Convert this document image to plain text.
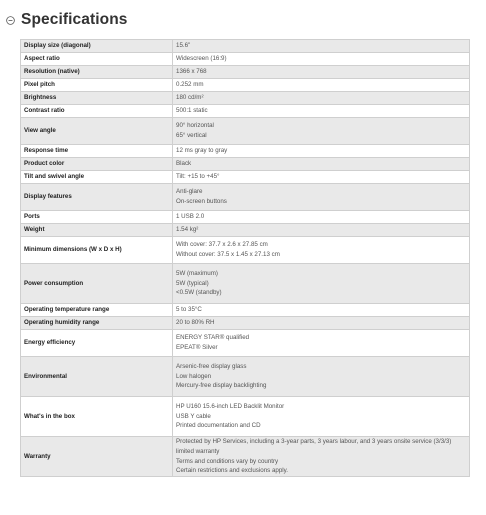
Specifications
Display size (diagonal)	15.6"

Aspect ratio	Widescreen (16:9)

Resolution (native)	1366 x 768

Pixel pitch	0.252 mm

Brightness	180 cd/m²

Contrast ratio	500:1 static

View angle	90° horizontal
65° vertical

Response time	12 ms gray to gray

Product color	Black

Tilt and swivel angle	Tilt: +15 to +45°

Display features	Anti-glare
On-screen buttons

Ports	1 USB 2.0

Weight	1.54 kg²

Minimum dimensions (W x D x H)	With cover: 37.7 x 2.6 x 27.85 cm
Without cover: 37.5 x 1.45 x 27.13 cm

Power consumption	5W (maximum)
5W (typical)
<0.5W (standby)

Operating temperature range	5 to 35°C

Operating humidity range	20 to 80% RH

Energy efficiency	ENERGY STAR® qualified
EPEAT® Silver

Environmental	Arsenic-free display glass
Low halogen
Mercury-free display backlighting

What's in the box	HP U160 15.6-inch LED Backlit Monitor
USB Y cable
Printed documentation and CD

Warranty	Protected by HP Services, including a 3-year parts, 3 years labour, and 3 years onsite service (3/3/3) limited warranty
Terms and conditions vary by country
Certain restrictions and exclusions apply.
